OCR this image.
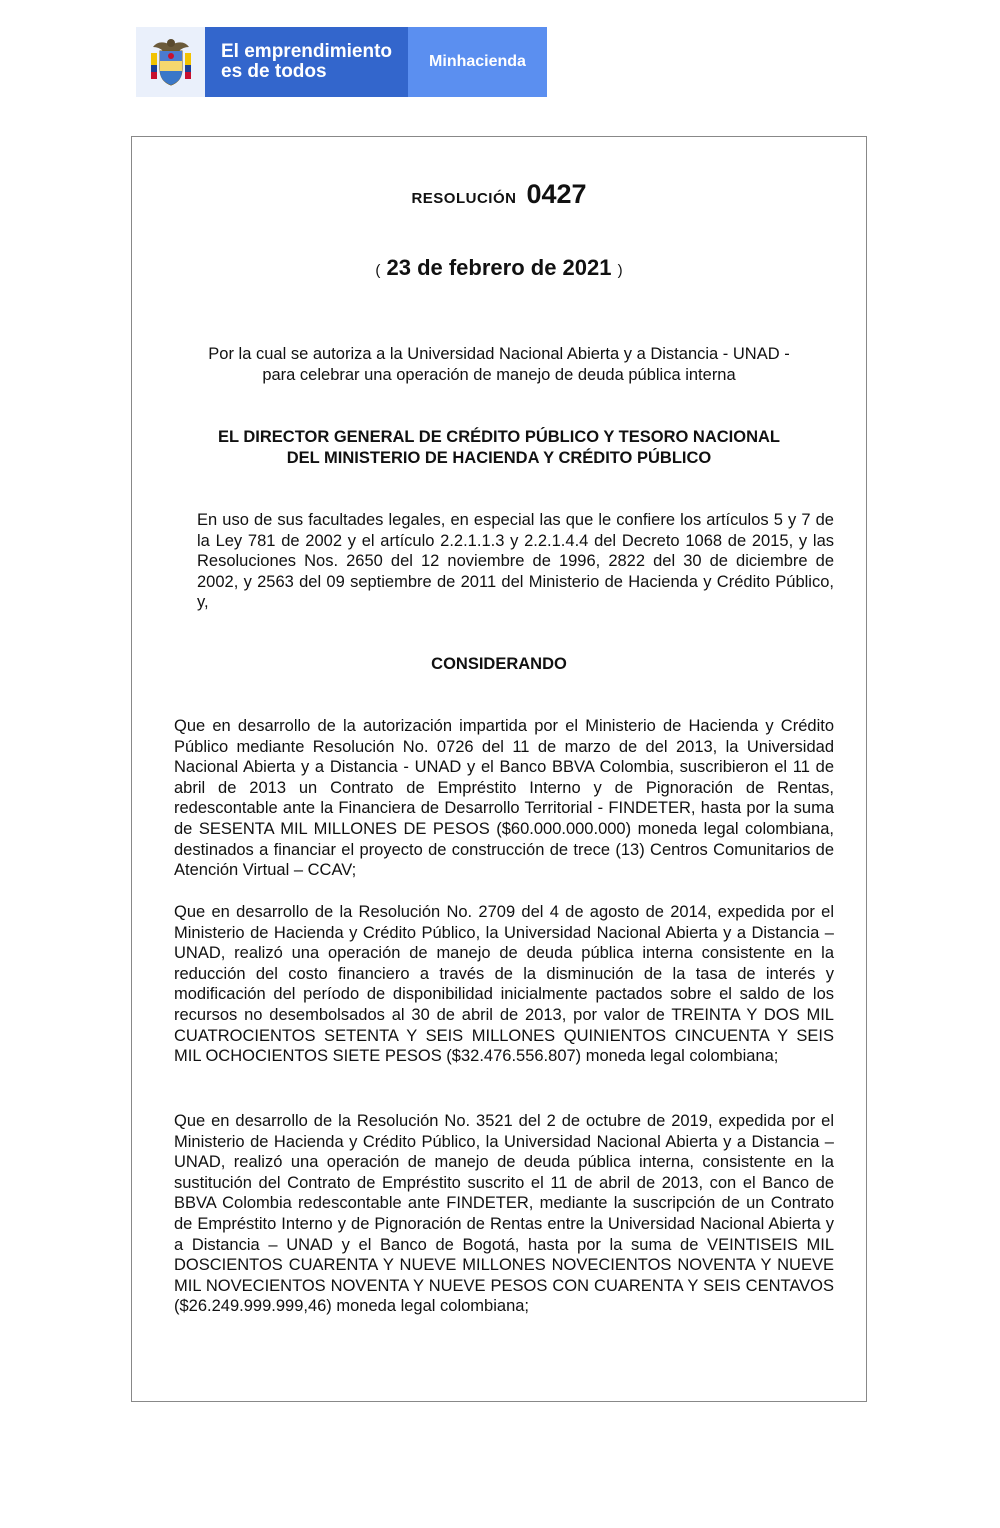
El emprendimiento
es de todos	Minhacienda
RESOLUCIÓN 0427
( 23 de febrero de 2021 )
Por la cual se autoriza a la Universidad Nacional Abierta y a Distancia - UNAD -
para celebrar una operación de manejo de deuda pública interna
EL DIRECTOR GENERAL DE CRÉDITO PÚBLICO Y TESORO NACIONAL
DEL MINISTERIO DE HACIENDA Y CRÉDITO PÚBLICO
En uso de sus facultades legales, en especial las que le confiere los artículos 5 y 7 de la Ley 781 de 2002 y el artículo 2.2.1.1.3 y 2.2.1.4.4 del Decreto 1068 de 2015, y las Resoluciones Nos. 2650 del 12 noviembre de 1996, 2822 del 30 de diciembre de 2002, y 2563 del 09 septiembre de 2011 del Ministerio de Hacienda y Crédito Público, y,
CONSIDERANDO
Que en desarrollo de la autorización impartida por el Ministerio de Hacienda y Crédito Público mediante Resolución No. 0726 del 11 de marzo de del 2013, la Universidad Nacional Abierta y a Distancia - UNAD y el Banco BBVA Colombia, suscribieron el 11 de abril de 2013 un Contrato de Empréstito Interno y de Pignoración de Rentas, redescontable ante la Financiera de Desarrollo Territorial - FINDETER, hasta por la suma de SESENTA MIL MILLONES DE PESOS ($60.000.000.000) moneda legal colombiana, destinados a financiar el proyecto de construcción de trece (13) Centros Comunitarios de Atención Virtual – CCAV;
Que en desarrollo de la Resolución No. 2709 del 4 de agosto de 2014, expedida por el Ministerio de Hacienda y Crédito Público, la Universidad Nacional Abierta y a Distancia – UNAD, realizó una operación de manejo de deuda pública interna consistente en la reducción del costo financiero a través de la disminución de la tasa de interés y modificación del período de disponibilidad inicialmente pactados sobre el saldo de los recursos no desembolsados al 30 de abril de 2013, por valor de TREINTA Y DOS MIL CUATROCIENTOS SETENTA Y SEIS MILLONES QUINIENTOS CINCUENTA Y SEIS MIL OCHOCIENTOS SIETE PESOS ($32.476.556.807) moneda legal colombiana;
Que en desarrollo de la Resolución No. 3521 del 2 de octubre de 2019, expedida por el Ministerio de Hacienda y Crédito Público, la Universidad Nacional Abierta y a Distancia – UNAD, realizó una operación de manejo de deuda pública interna, consistente en la sustitución del Contrato de Empréstito suscrito el 11 de abril de 2013, con el Banco de BBVA Colombia redescontable ante FINDETER, mediante la suscripción de un Contrato de Empréstito Interno y de Pignoración de Rentas entre la Universidad Nacional Abierta y a Distancia – UNAD y el Banco de Bogotá, hasta por la suma de VEINTISEIS MIL DOSCIENTOS CUARENTA Y NUEVE MILLONES NOVECIENTOS NOVENTA Y NUEVE MIL NOVECIENTOS NOVENTA Y NUEVE PESOS CON CUARENTA Y SEIS CENTAVOS ($26.249.999.999,46) moneda legal colombiana;
